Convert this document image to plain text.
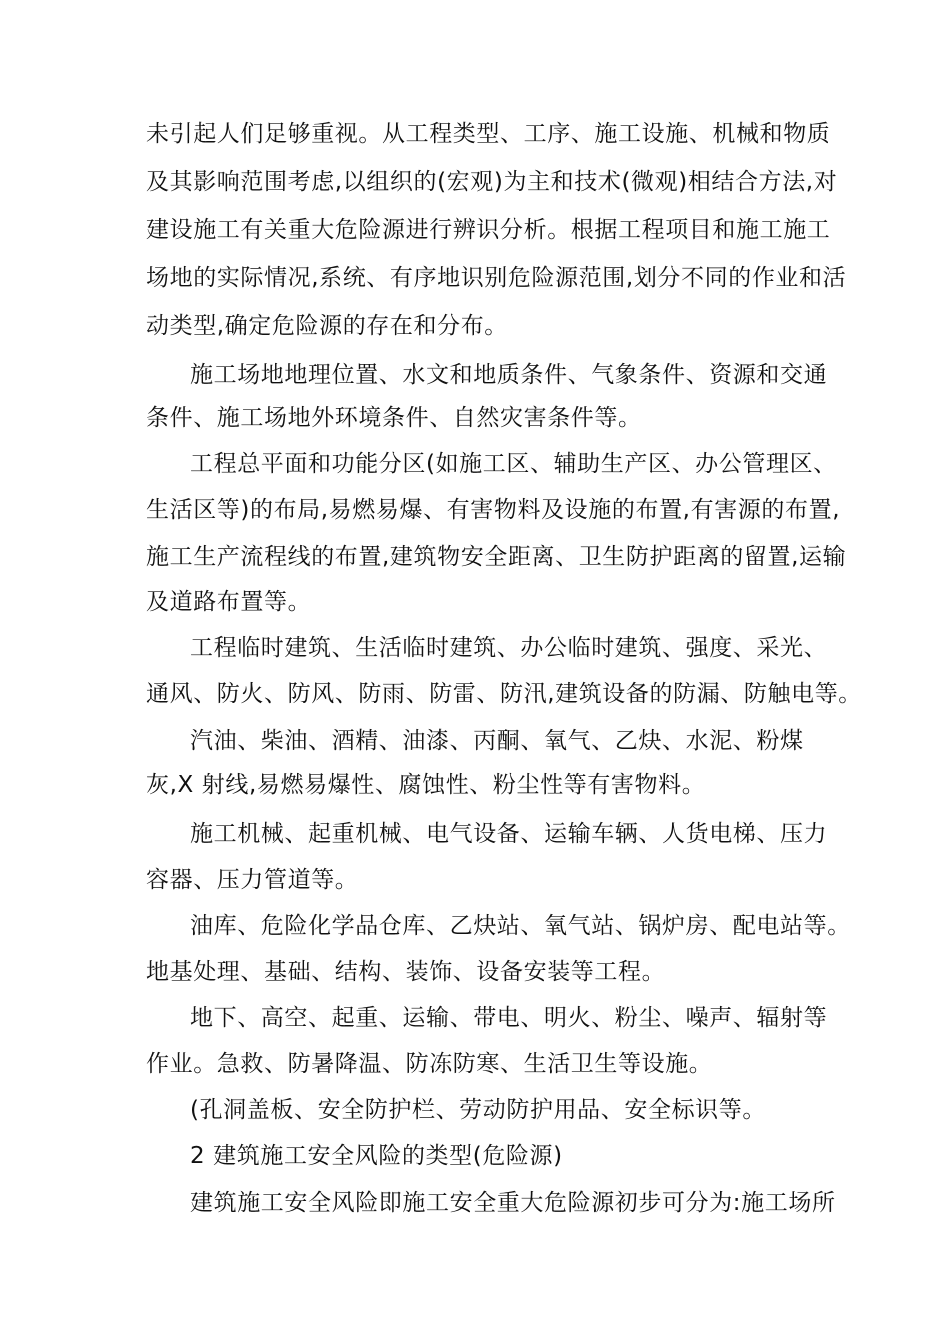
未引起人们足够重视。从工程类型、工序、施工设施、机械和物质
及其影响范围考虑,以组织的(宏观)为主和技术(微观)相结合方法,对
建设施工有关重大危险源进行辨识分析。根据工程项目和施工施工
场地的实际情况,系统、有序地识别危险源范围,划分不同的作业和活
动类型,确定危险源的存在和分布。
施工场地地理位置、水文和地质条件、气象条件、资源和交通
条件、施工场地外环境条件、自然灾害条件等。
工程总平面和功能分区(如施工区、辅助生产区、办公管理区、
生活区等)的布局,易燃易爆、有害物料及设施的布置,有害源的布置,
施工生产流程线的布置,建筑物安全距离、卫生防护距离的留置,运输
及道路布置等。
工程临时建筑、生活临时建筑、办公临时建筑、强度、采光、
通风、防火、防风、防雨、防雷、防汛,建筑设备的防漏、防触电等。
汽油、柴油、酒精、油漆、丙酮、氧气、乙炔、水泥、粉煤
灰,X 射线,易燃易爆性、腐蚀性、粉尘性等有害物料。
施工机械、起重机械、电气设备、运输车辆、人货电梯、压力
容器、压力管道等。
油库、危险化学品仓库、乙炔站、氧气站、锅炉房、配电站等。
地基处理、基础、结构、装饰、设备安装等工程。
地下、高空、起重、运输、带电、明火、粉尘、噪声、辐射等
作业。急救、防暑降温、防冻防寒、生活卫生等设施。
(孔洞盖板、安全防护栏、劳动防护用品、安全标识等。
2 建筑施工安全风险的类型(危险源)
建筑施工安全风险即施工安全重大危险源初步可分为:施工场所
